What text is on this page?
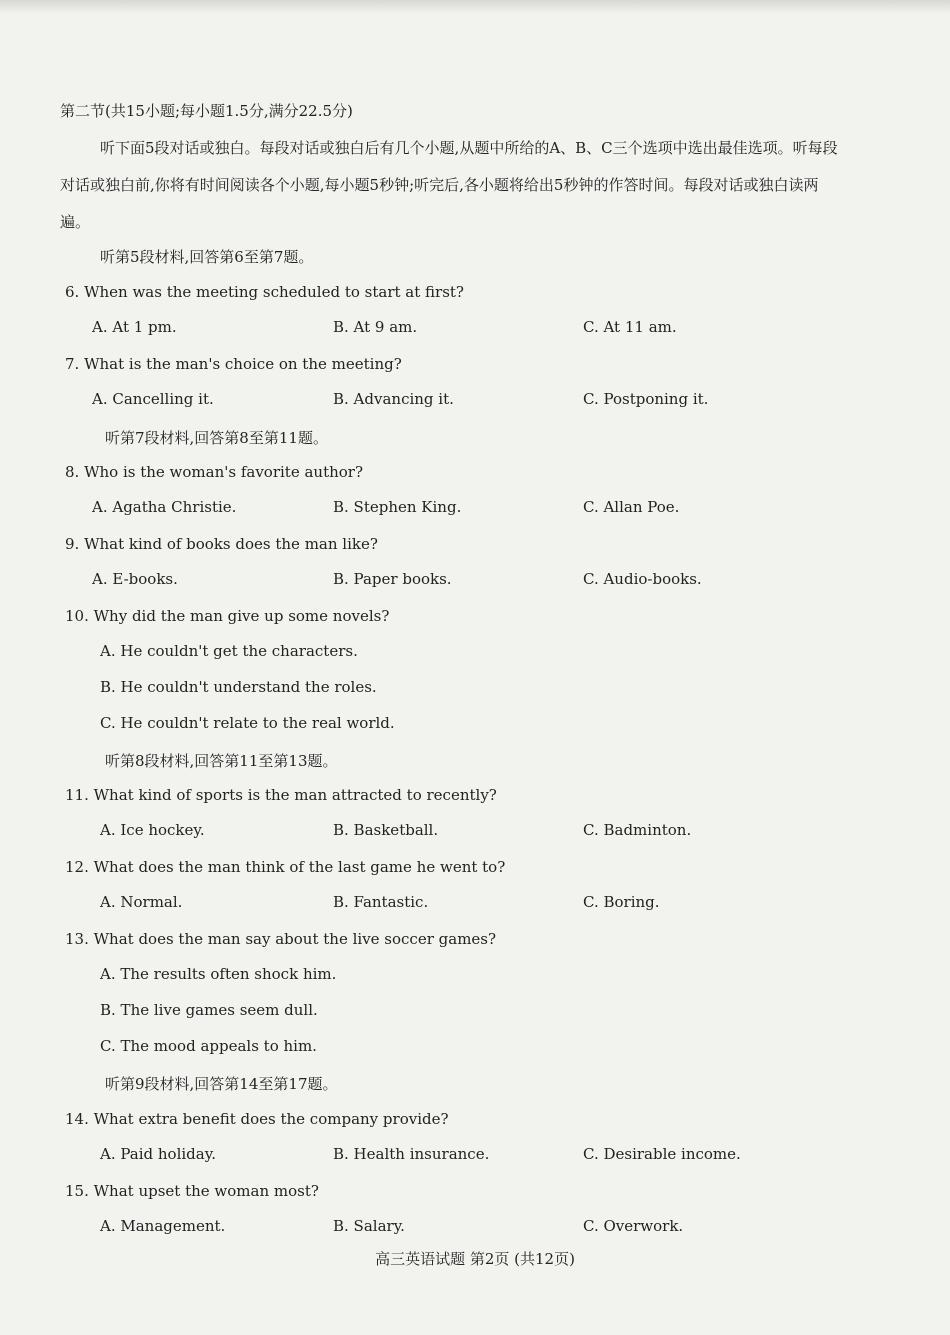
第二节(共15小题;每小题1.5分,满分22.5分)
听下面5段对话或独白。每段对话或独白后有几个小题,从题中所给的A、B、C三个选项中选出最佳选项。听每段对话或独白前,你将有时间阅读各个小题,每小题5秒钟;听完后,各小题将给出5秒钟的作答时间。每段对话或独白读两遍。
听第5段材料,回答第6至第7题。
6. When was the meeting scheduled to start at first?
A. At 1 pm.	B. At 9 am.	C. At 11 am.
7. What is the man's choice on the meeting?
A. Cancelling it.	B. Advancing it.	C. Postponing it.
听第7段材料,回答第8至第11题。
8. Who is the woman's favorite author?
A. Agatha Christie.	B. Stephen King.	C. Allan Poe.
9. What kind of books does the man like?
A. E-books.	B. Paper books.	C. Audio-books.
10. Why did the man give up some novels?
A. He couldn't get the characters.
B. He couldn't understand the roles.
C. He couldn't relate to the real world.
听第8段材料,回答第11至第13题。
11. What kind of sports is the man attracted to recently?
A. Ice hockey.	B. Basketball.	C. Badminton.
12. What does the man think of the last game he went to?
A. Normal.	B. Fantastic.	C. Boring.
13. What does the man say about the live soccer games?
A. The results often shock him.
B. The live games seem dull.
C. The mood appeals to him.
听第9段材料,回答第14至第17题。
14. What extra benefit does the company provide?
A. Paid holiday.	B. Health insurance.	C. Desirable income.
15. What upset the woman most?
A. Management.	B. Salary.	C. Overwork.
高三英语试题 第2页 (共12页)
